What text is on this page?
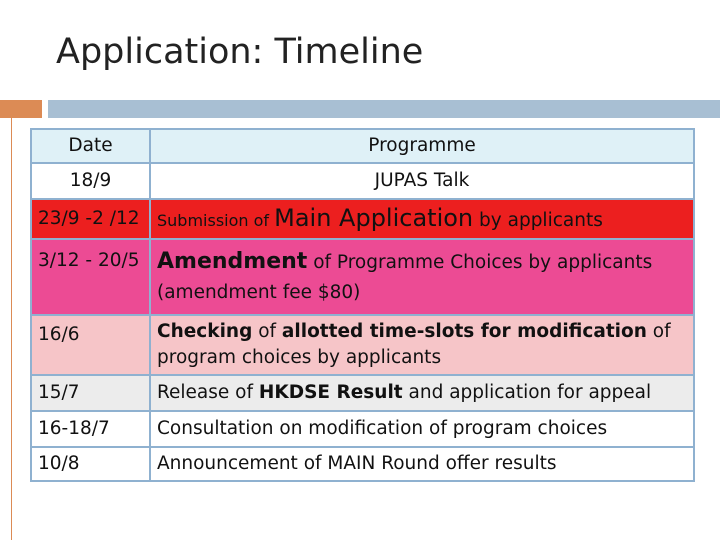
Application: Timeline
Date	Programme
18/9	JUPAS Talk
23/9 -2 /12	Submission of Main Application by applicants
3/12 - 20/5	Amendment of Programme Choices by applicants
(amendment fee $80)

16/6	Checking of allotted time-slots for modification of
program choices by applicants

15/7	Release of HKDSE Result and application for appeal
16-18/7	Consultation on modification of program choices
10/8	Announcement of MAIN Round offer results
